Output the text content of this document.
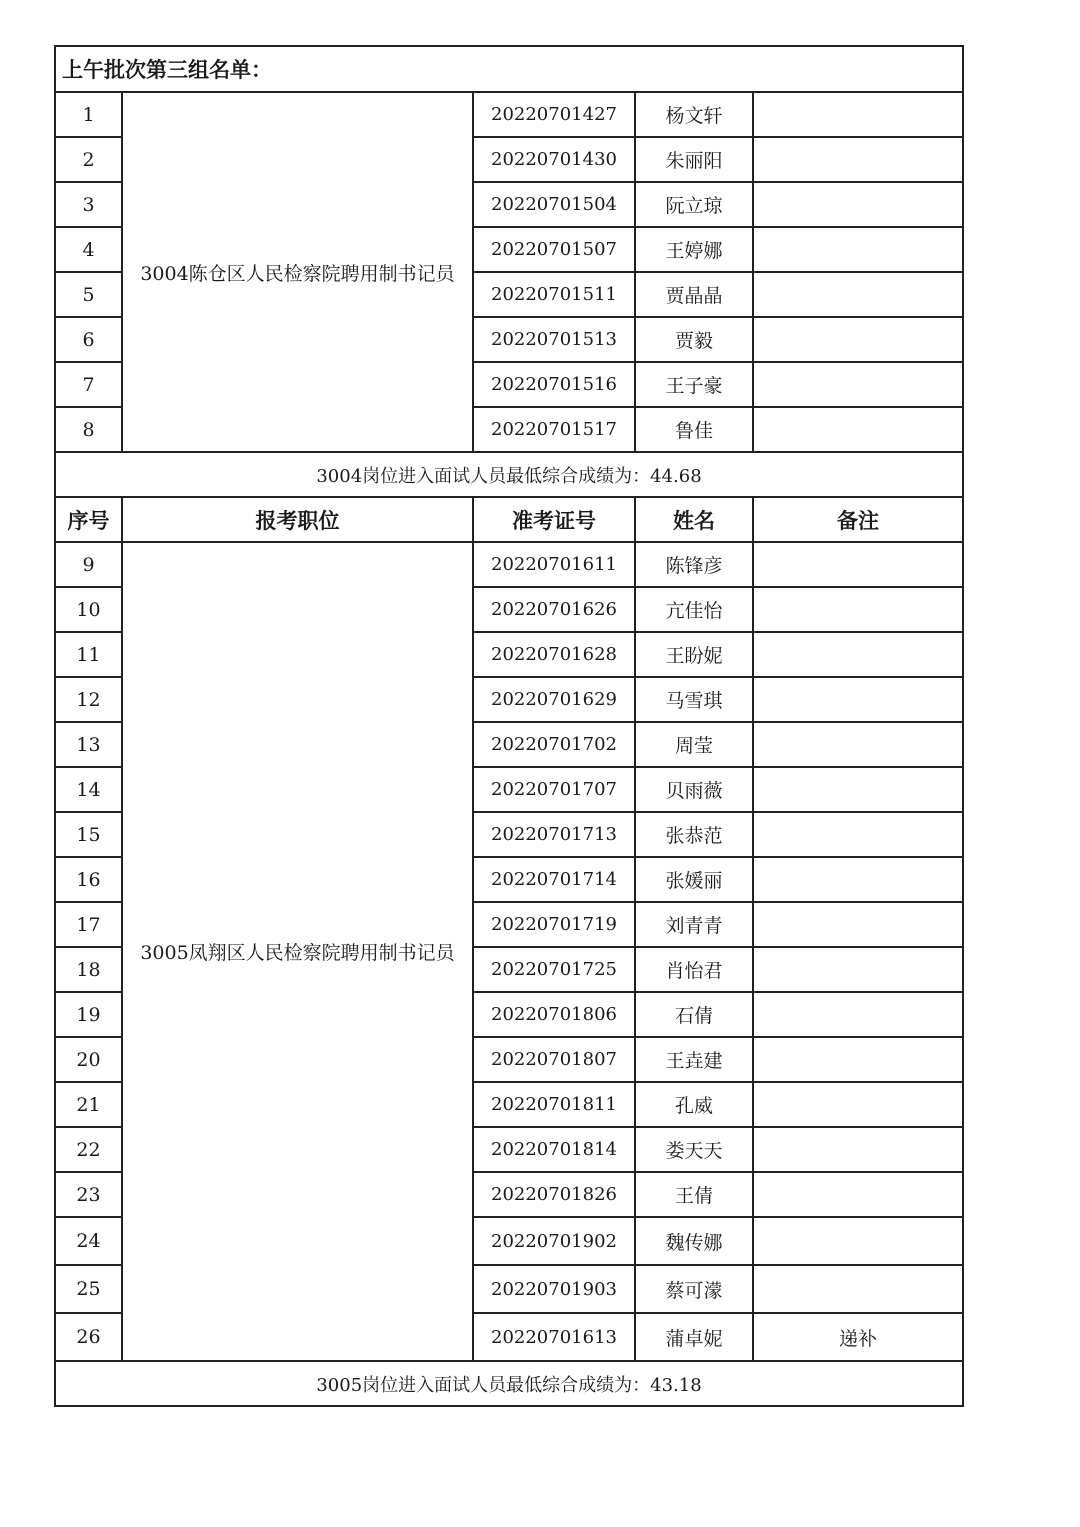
上午批次第三组名单：				
1	3004陈仓区人民检察院聘用制书记员	20220701427	杨文轩	
2		20220701430	朱丽阳	
3		20220701504	阮立琼	
4		20220701507	王婷娜	
5		20220701511	贾晶晶	
6		20220701513	贾毅	
7		20220701516	王子豪	
8		20220701517	鲁佳	
3004岗位进入面试人员最低综合成绩为：44.68				
序号	报考职位	准考证号	姓名	备注
9	3005凤翔区人民检察院聘用制书记员	20220701611	陈锋彦	
10		20220701626	亢佳怡	
11		20220701628	王盼妮	
12		20220701629	马雪琪	
13		20220701702	周莹	
14		20220701707	贝雨薇	
15		20220701713	张恭范	
16		20220701714	张媛丽	
17		20220701719	刘青青	
18		20220701725	肖怡君	
19		20220701806	石倩	
20		20220701807	王垚建	
21		20220701811	孔威	
22		20220701814	娄天天	
23		20220701826	王倩	
24		20220701902	魏传娜	
25		20220701903	蔡可濛	
26		20220701613	蒲卓妮	递补
3005岗位进入面试人员最低综合成绩为：43.18				
